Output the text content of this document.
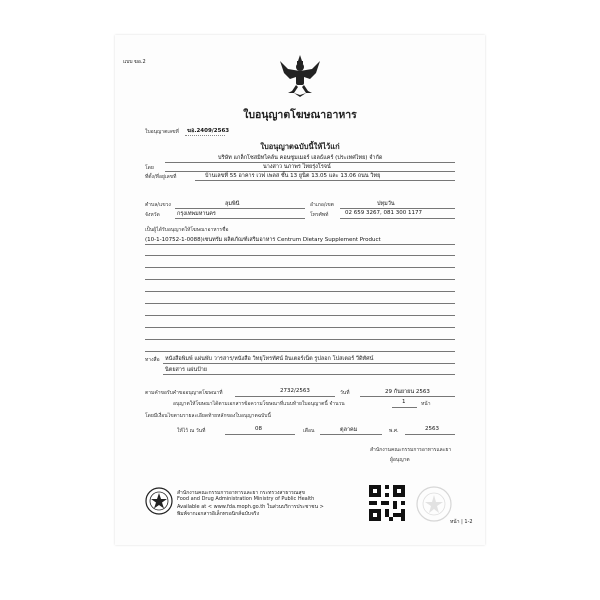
แบบ ฆอ.2
ใบอนุญาตโฆษณาอาหาร
ใบอนุญาตเลขที่ ฆอ.2409/2563
ใบอนุญาตฉบับนี้ให้ไว้แก่
บริษัท แกล็กโซสมิทไคล์น คอนซูมเมอร์ เฮลธ์แคร์ (ประเทศไทย) จำกัด
โดย	นางสาว นภาพร ไทยรุ่งโรจน์
ที่ตั้ง/ที่อยู่เลขที่	บ้านเลขที่ 55 อาคาร เวฟ เพลส ชั้น 13 ยูนิต 13.05 และ 13.06 ถนน วิทยุ
ตำบล/แขวง	ลุมพินี	อำเภอ/เขต	ปทุมวัน
จังหวัด	กรุงเทพมหานคร	โทรศัพท์	02 659 3267, 081 300 1177
เป็นผู้ได้รับอนุญาตให้โฆษณาอาหารชื่อ
(10-1-10752-1-0088)เซนทรัม ผลิตภัณฑ์เสริมอาหาร Centrum Dietary Supplement Product
ทางสื่อ หนังสือพิมพ์ แผ่นพับ วารสาร/หนังสือ วิทยุโทรทัศน์ อินเตอร์เน็ต รูปลอก โปสเตอร์ วีดิทัศน์
นิตยสาร แผ่นป้าย
ตามคำขอรับคำขออนุญาตโฆษณาที่	2732/2563	วันที่	29 กันยายน 2563
อนุญาตให้โฆษณาได้ตามเอกสารข้อความโฆษณาที่แนบท้ายใบอนุญาตนี้ จำนวน	1	หน้า
โดยมีเงื่อนไขตามรายละเอียดท้ายหลักของใบอนุญาตฉบับนี้
ให้ไว้ ณ วันที่	08	เดือน	ตุลาคม	พ.ศ.	2563
สำนักงานคณะกรรมการอาหารและยา
ผู้อนุญาต
สำนักงานคณะกรรมการอาหารและยา กระทรวงสาธารณสุข
Food and Drug Administration Ministry of Public Health
Available at < www.fda.moph.go.th ในส่วนบริการประชาชน >
พิมพ์จากเอกสารอิเล็กทรอนิกส์ฉบับจริง
หน้า | 1-2
